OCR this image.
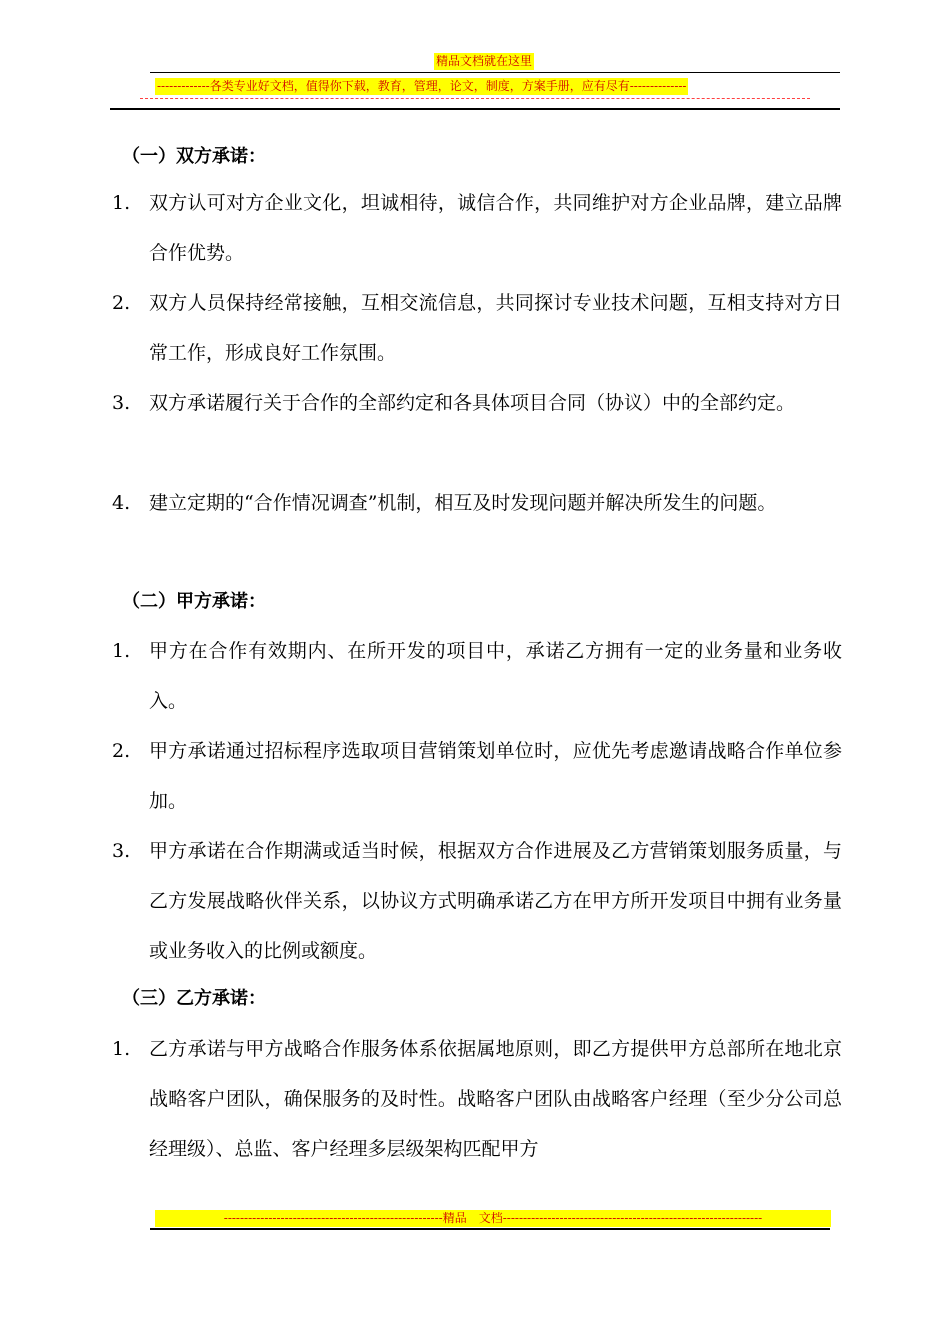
精品文档就在这里
-------------各类专业好文档，值得你下载，教育，管理，论文，制度，方案手册，应有尽有--------------
（一）双方承诺：
1. 双方认可对方企业文化，坦诚相待，诚信合作，共同维护对方企业品牌，建立品牌合作优势。
2. 双方人员保持经常接触，互相交流信息，共同探讨专业技术问题，互相支持对方日常工作，形成良好工作氛围。
3. 双方承诺履行关于合作的全部约定和各具体项目合同（协议）中的全部约定。
4. 建立定期的“合作情况调查”机制，相互及时发现问题并解决所发生的问题。
（二）甲方承诺：
1. 甲方在合作有效期内、在所开发的项目中，承诺乙方拥有一定的业务量和业务收入。
2. 甲方承诺通过招标程序选取项目营销策划单位时，应优先考虑邀请战略合作单位参加。
3. 甲方承诺在合作期满或适当时候，根据双方合作进展及乙方营销策划服务质量，与乙方发展战略伙伴关系，以协议方式明确承诺乙方在甲方所开发项目中拥有业务量或业务收入的比例或额度。
（三）乙方承诺：
1. 乙方承诺与甲方战略合作服务体系依据属地原则，即乙方提供甲方总部所在地北京战略客户团队，确保服务的及时性。战略客户团队由战略客户经理（至少分公司总经理级）、总监、客户经理多层级架构匹配甲方
------------------------------------------------------精品　文档----------------------------------------------------------------
